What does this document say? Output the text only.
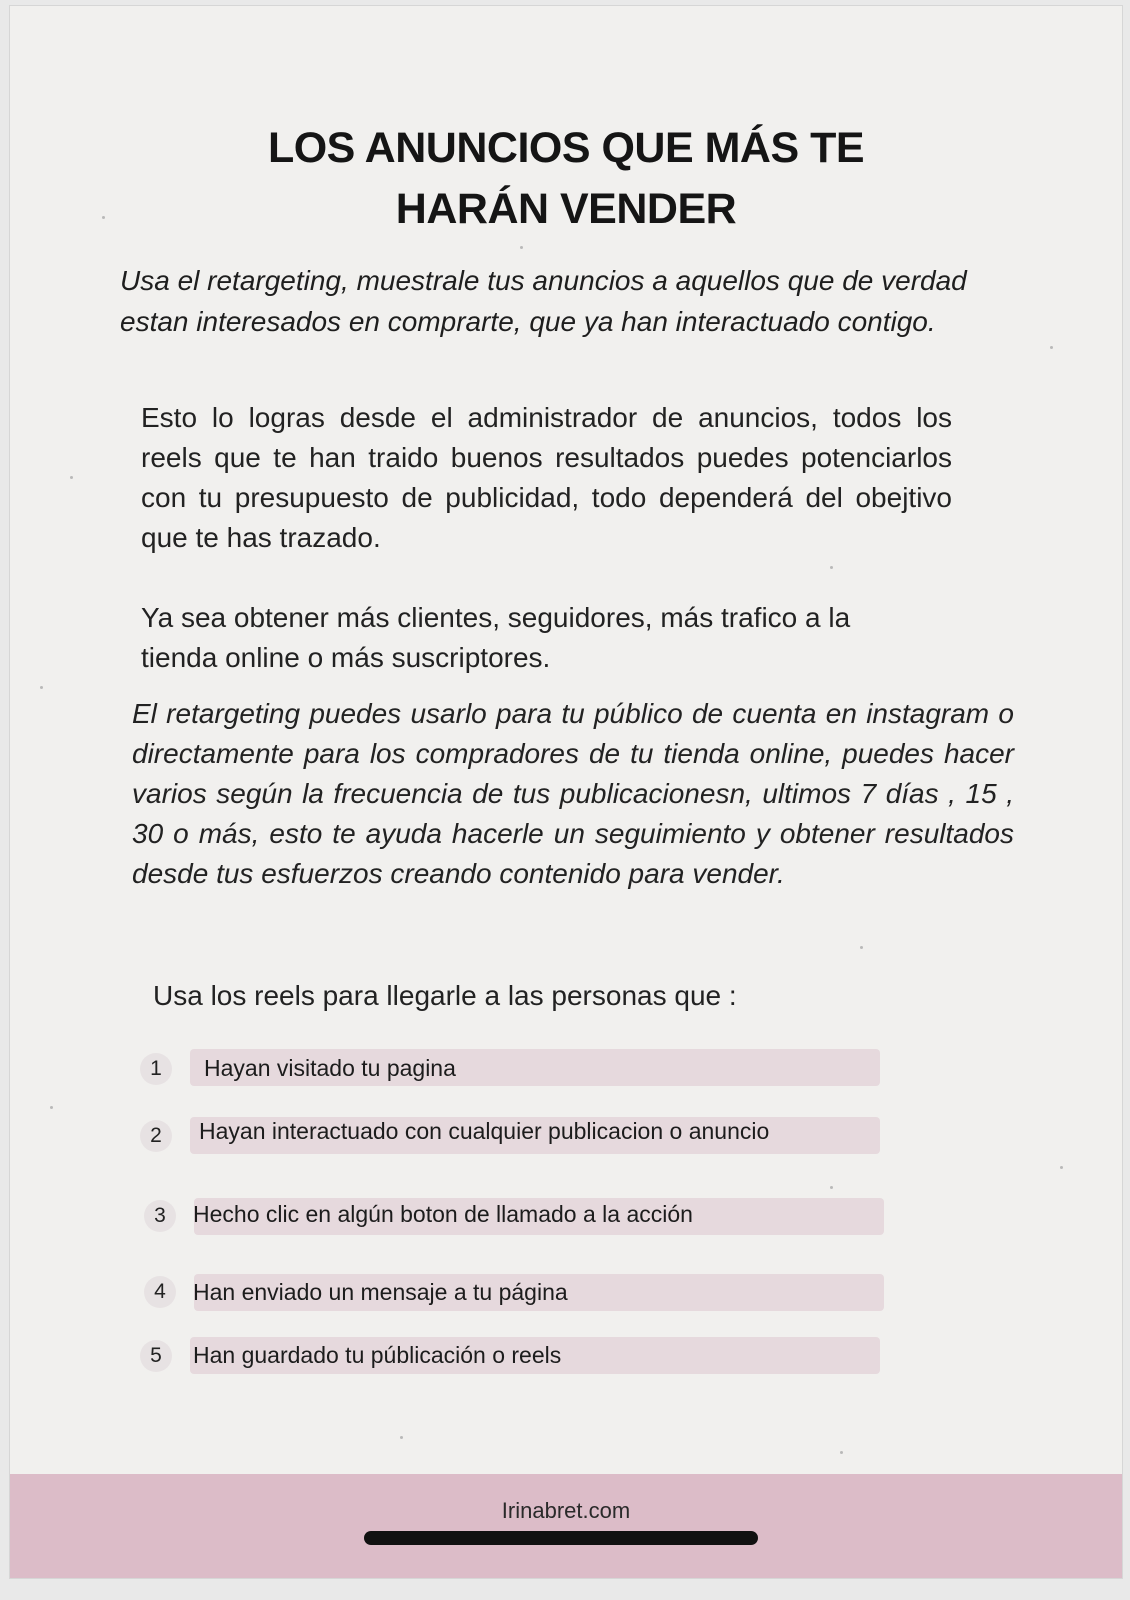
LOS ANUNCIOS QUE MÁS TE
HARÁN VENDER
Usa el retargeting, muestrale tus anuncios a aquellos que de verdad
estan interesados en comprarte, que ya han interactuado contigo.

Esto lo logras desde el administrador de anuncios, todos los reels que te han traido buenos resultados puedes potenciarlos con tu presupuesto de publicidad, todo dependerá del obejtivo que te has trazado.

Ya sea obtener más clientes, seguidores, más trafico a la
tienda online o más suscriptores.

El retargeting puedes usarlo para tu público de cuenta en instagram o directamente para los compradores de tu tienda online, puedes hacer varios según la frecuencia de tus publicacionesn, ultimos 7 días , 15 , 30 o más, esto te ayuda hacerle un seguimiento y obtener resultados desde tus esfuerzos creando contenido para vender.

Usa los reels para llegarle a las personas que :
1	Hayan visitado tu pagina
2	Hayan interactuado con cualquier publicacion o anuncio
3	Hecho clic en algún boton de llamado a la acción
4	Han enviado un mensaje a tu página
5	Han guardado tu públicación o reels
Irinabret.com
